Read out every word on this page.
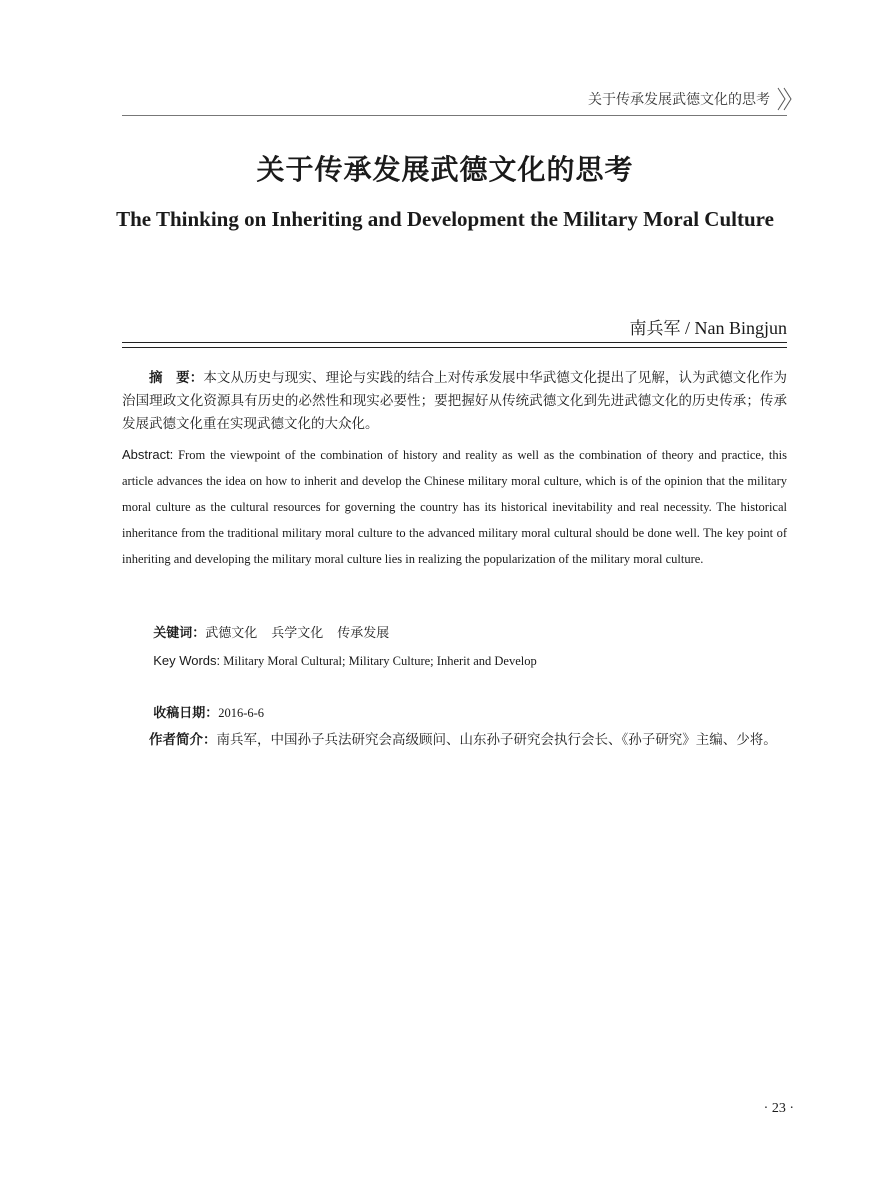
关于传承发展武德文化的思考
关于传承发展武德文化的思考
The Thinking on Inheriting and Development the Military Moral Culture
南兵军 / Nan Bingjun

摘　要：本文从历史与现实、理论与实践的结合上对传承发展中华武德文化提出了见解，认为武德文化作为治国理政文化资源具有历史的必然性和现实必要性；要把握好从传统武德文化到先进武德文化的历史传承；传承发展武德文化重在实现武德文化的大众化。

Abstract: From the viewpoint of the combination of history and reality as well as the combination of theory and practice, this article advances the idea on how to inherit and develop the Chinese military moral culture, which is of the opinion that the military moral culture as the cultural resources for governing the country has its historical inevitability and real necessity. The historical inheritance from the traditional military moral culture to the advanced military moral cultural should be done well. The key point of inheriting and developing the military moral culture lies in realizing the popularization of the military moral culture.

关键词：武德文化 兵学文化 传承发展

Key Words: Military Moral Cultural; Military Culture; Inherit and Develop

收稿日期：2016-6-6

作者简介：南兵军，中国孙子兵法研究会高级顾问、山东孙子研究会执行会长、《孙子研究》主编、少将。

· 23 ·
